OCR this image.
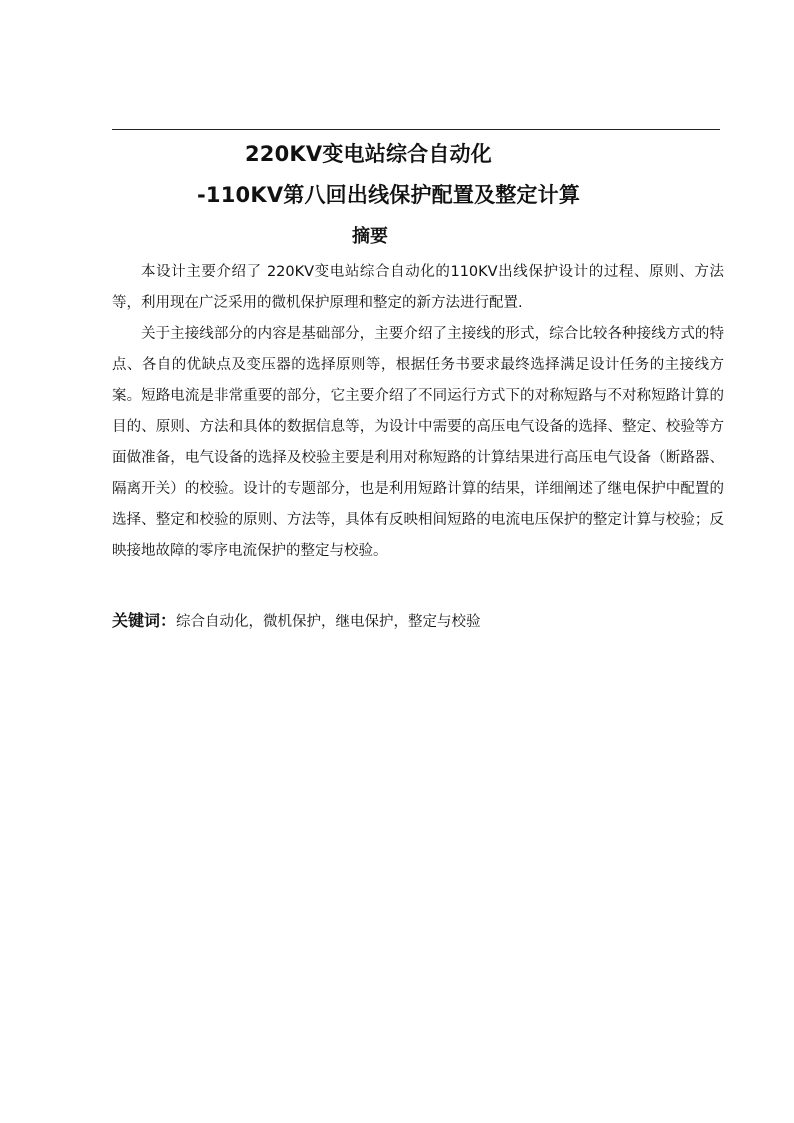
220KV变电站综合自动化
-110KV第八回出线保护配置及整定计算
摘要

本设计主要介绍了 220KV变电站综合自动化的110KV出线保护设计的过程、原则、方法等，利用现在广泛采用的微机保护原理和整定的新方法进行配置.

关于主接线部分的内容是基础部分，主要介绍了主接线的形式，综合比较各种接线方式的特点、各自的优缺点及变压器的选择原则等，根据任务书要求最终选择满足设计任务的主接线方案。短路电流是非常重要的部分，它主要介绍了不同运行方式下的对称短路与不对称短路计算的目的、原则、方法和具体的数据信息等，为设计中需要的高压电气设备的选择、整定、校验等方面做准备，电气设备的选择及校验主要是利用对称短路的计算结果进行高压电气设备（断路器、隔离开关）的校验。设计的专题部分，也是利用短路计算的结果，详细阐述了继电保护中配置的选择、整定和校验的原则、方法等，具体有反映相间短路的电流电压保护的整定计算与校验；反映接地故障的零序电流保护的整定与校验。

关键词：综合自动化，微机保护，继电保护，整定与校验
